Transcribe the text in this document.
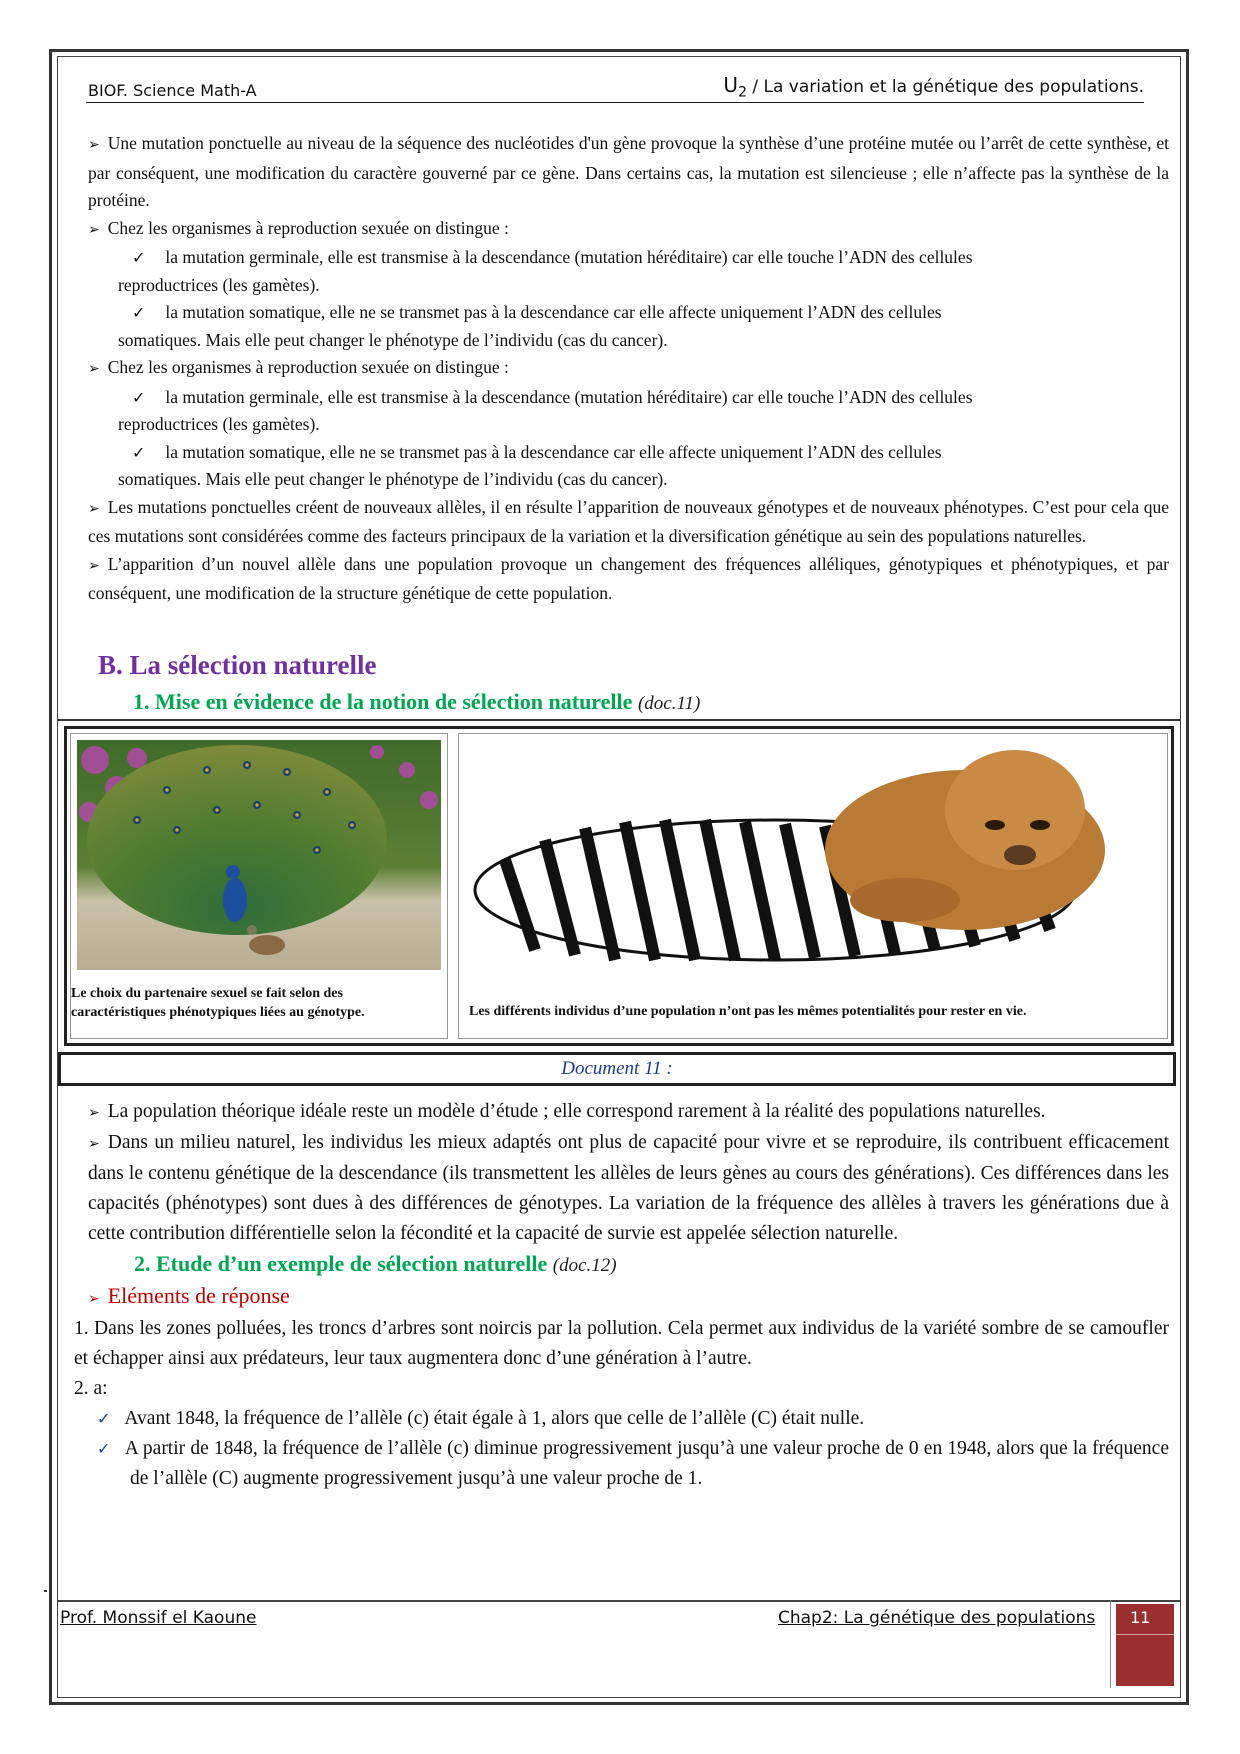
BIOF. Science Math-A	$U_2$ / La variation et la génétique des populations.

➢ Une mutation ponctuelle au niveau de la séquence des nucléotides d'un gène provoque la synthèse d’une protéine mutée ou l’arrêt de cette synthèse, et par conséquent, une modification du caractère gouverné par ce gène. Dans certains cas, la mutation est silencieuse ; elle n’affecte pas la synthèse de la protéine.

➢ Chez les organismes à reproduction sexuée on distingue :

✓ la mutation germinale, elle est transmise à la descendance (mutation héréditaire) car elle touche l’ADN des cellules

reproductrices (les gamètes).

✓ la mutation somatique, elle ne se transmet pas à la descendance car elle affecte uniquement l’ADN des cellules

somatiques. Mais elle peut changer le phénotype de l’individu (cas du cancer).

➢ Chez les organismes à reproduction sexuée on distingue :

✓ la mutation germinale, elle est transmise à la descendance (mutation héréditaire) car elle touche l’ADN des cellules

reproductrices (les gamètes).

✓ la mutation somatique, elle ne se transmet pas à la descendance car elle affecte uniquement l’ADN des cellules

somatiques. Mais elle peut changer le phénotype de l’individu (cas du cancer).

➢ Les mutations ponctuelles créent de nouveaux allèles, il en résulte l’apparition de nouveaux génotypes et de nouveaux phénotypes. C’est pour cela que ces mutations sont considérées comme des facteurs principaux de la variation et la diversification génétique au sein des populations naturelles.

➢ L’apparition d’un nouvel allèle dans une population provoque un changement des fréquences alléliques, génotypiques et phénotypiques, et par conséquent, une modification de la structure génétique de cette population.

B. La sélection naturelle
1. Mise en évidence de la notion de sélection naturelle (doc.11)
Le choix du partenaire sexuel se fait selon des caractéristiques phénotypiques liées au génotype.	Les différents individus d’une population n’ont pas les mêmes potentialités pour rester en vie.
Document 11 :

➢ La population théorique idéale reste un modèle d’étude ; elle correspond rarement à la réalité des populations naturelles.

➢ Dans un milieu naturel, les individus les mieux adaptés ont plus de capacité pour vivre et se reproduire, ils contribuent efficacement dans le contenu génétique de la descendance (ils transmettent les allèles de leurs gènes au cours des générations). Ces différences dans les capacités (phénotypes) sont dues à des différences de génotypes. La variation de la fréquence des allèles à travers les générations due à cette contribution différentielle selon la fécondité et la capacité de survie est appelée sélection naturelle.

2. Etude d’un exemple de sélection naturelle (doc.12)

➢ Eléments de réponse

1. Dans les zones polluées, les troncs d’arbres sont noircis par la pollution. Cela permet aux individus de la variété sombre de se camoufler et échapper ainsi aux prédateurs, leur taux augmentera donc d’une génération à l’autre.

2. a:

✓ Avant 1848, la fréquence de l’allèle (c) était égale à 1, alors que celle de l’allèle (C) était nulle.

✓ A partir de 1848, la fréquence de l’allèle (c) diminue progressivement jusqu’à une valeur proche de 0 en 1948, alors que la fréquence de l’allèle (C) augmente progressivement jusqu’à une valeur proche de 1.

Prof. Monssif el Kaoune	Chap2: La génétique des populations 11
